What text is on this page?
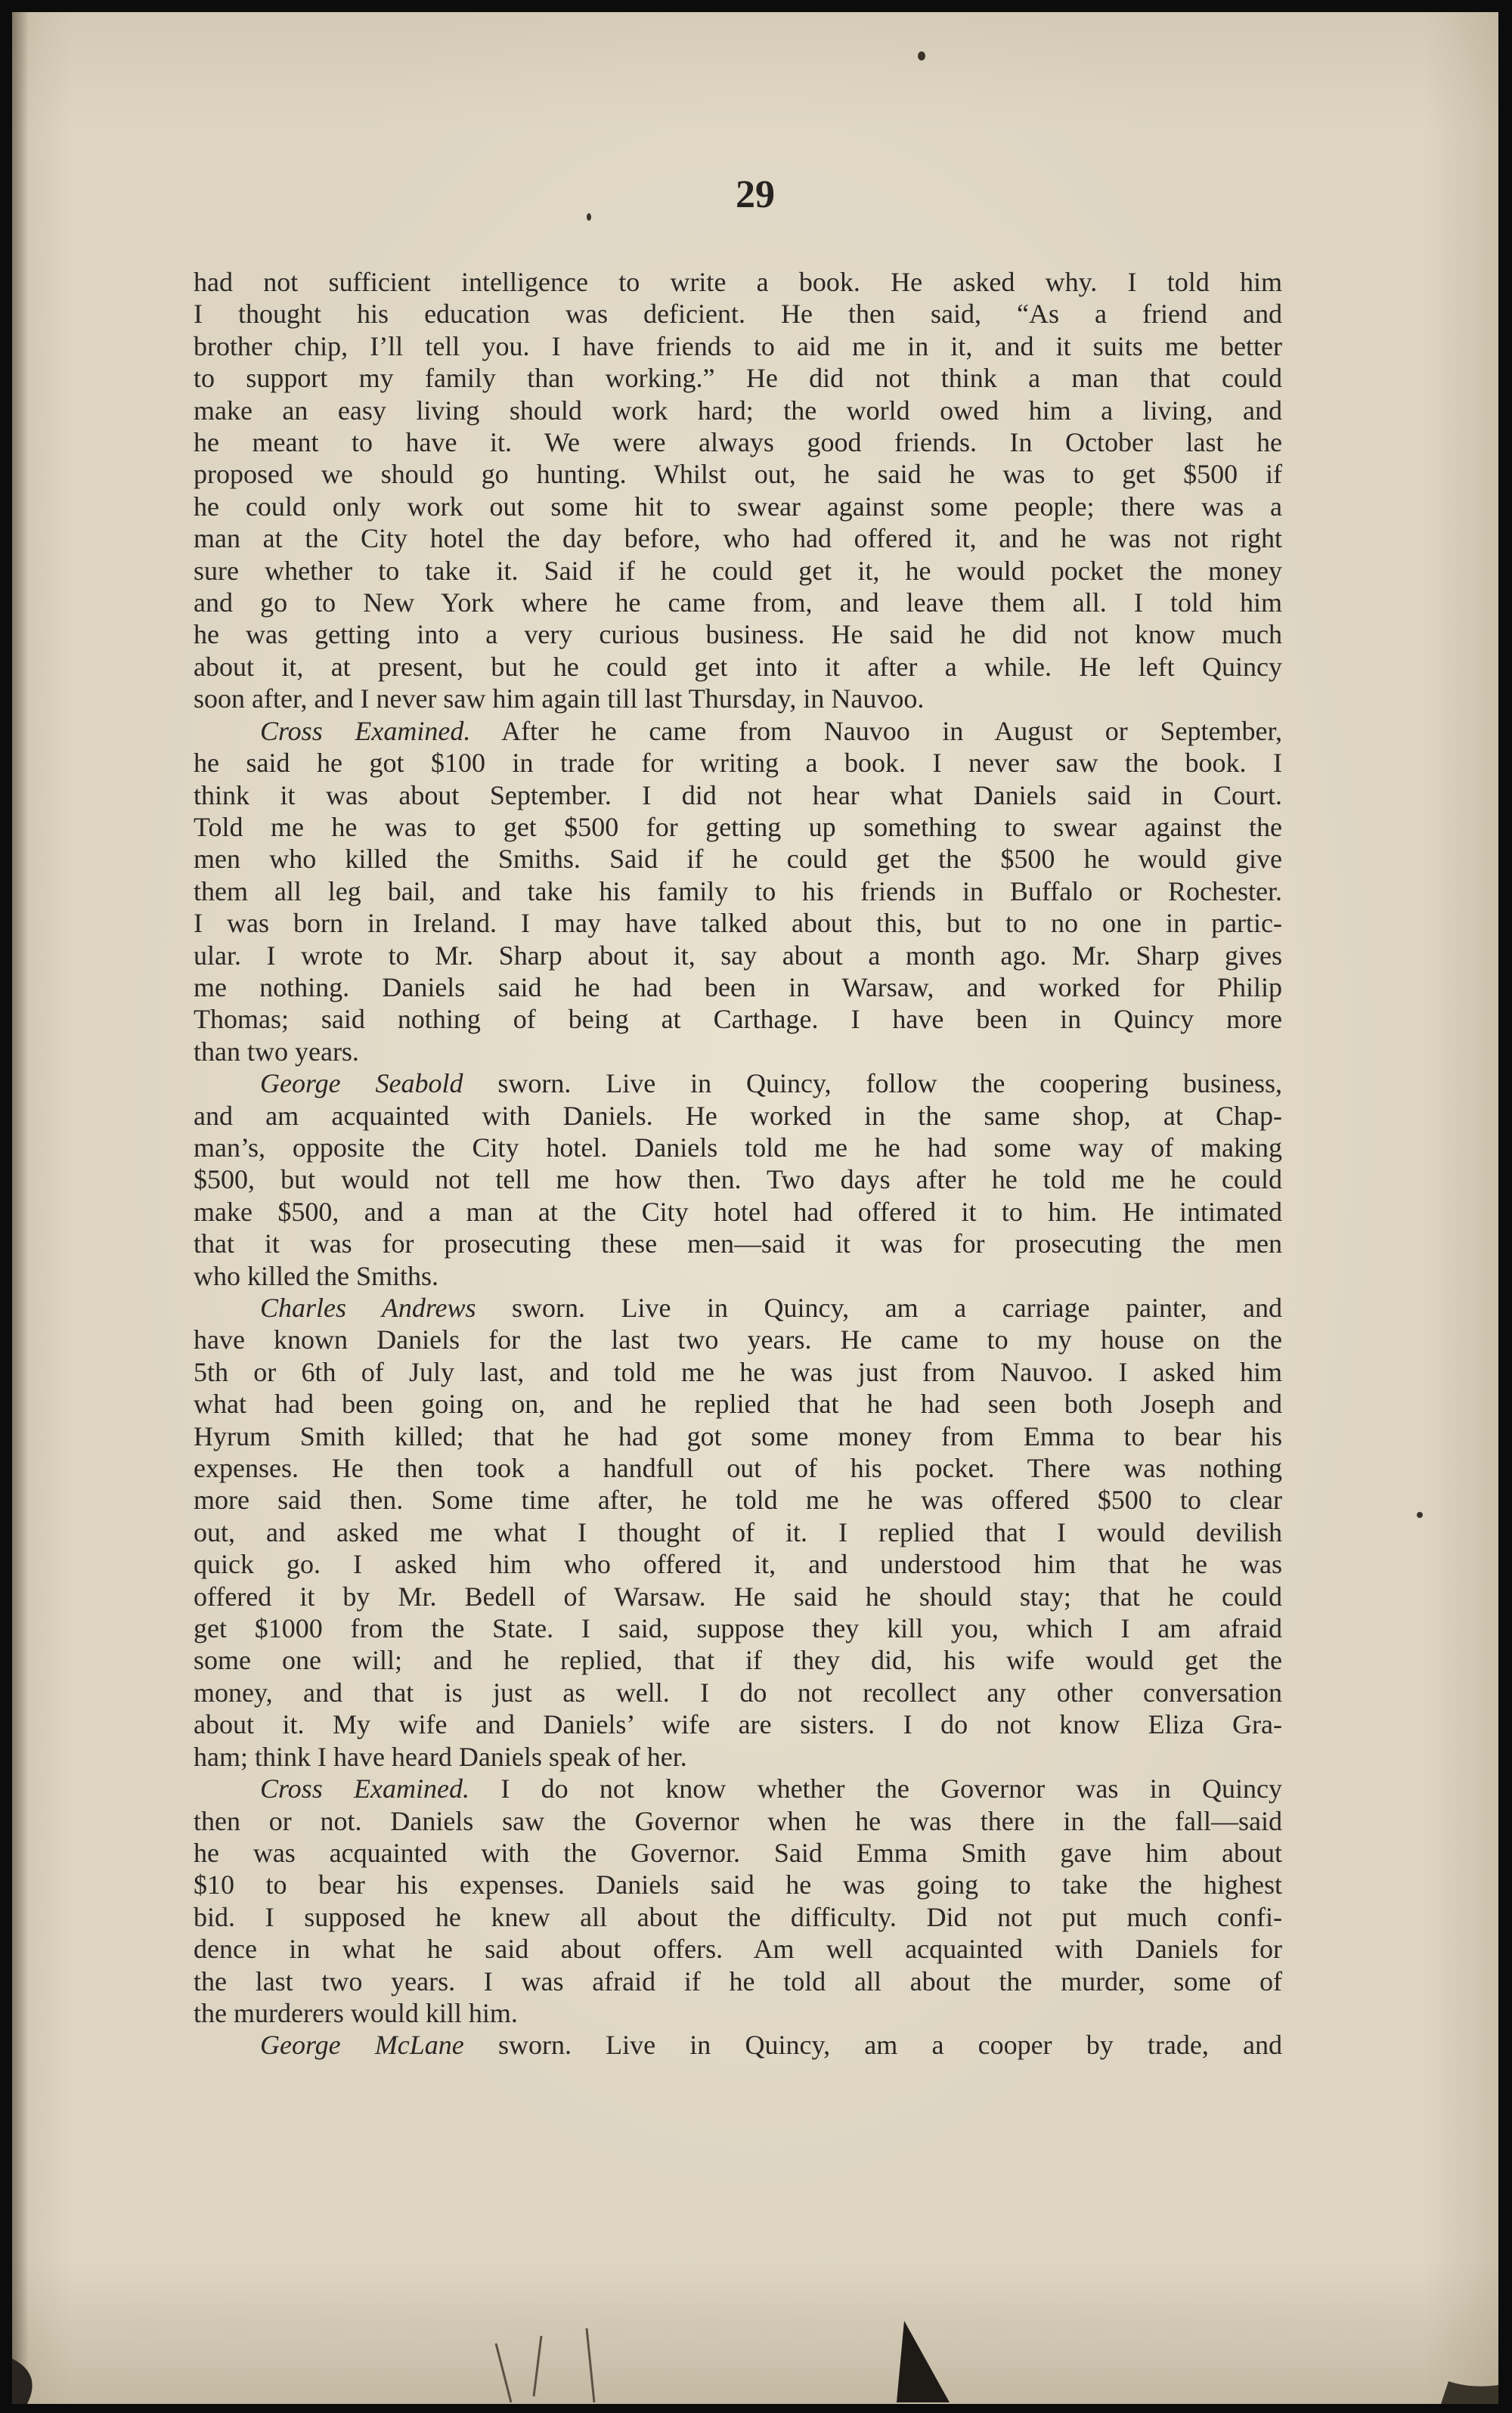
29
had not sufficient intelligence to write a book. He asked why. I told him
I thought his education was deficient. He then said, “As a friend and
brother chip, I’ll tell you. I have friends to aid me in it, and it suits me better
to support my family than working.” He did not think a man that could
make an easy living should work hard; the world owed him a living, and
he meant to have it. We were always good friends. In October last he
proposed we should go hunting. Whilst out, he said he was to get $500 if
he could only work out some hit to swear against some people; there was a
man at the City hotel the day before, who had offered it, and he was not right
sure whether to take it. Said if he could get it, he would pocket the money
and go to New York where he came from, and leave them all. I told him
he was getting into a very curious business. He said he did not know much
about it, at present, but he could get into it after a while. He left Quincy
soon after, and I never saw him again till last Thursday, in Nauvoo.
Cross Examined. After he came from Nauvoo in August or September,
he said he got $100 in trade for writing a book. I never saw the book. I
think it was about September. I did not hear what Daniels said in Court.
Told me he was to get $500 for getting up something to swear against the
men who killed the Smiths. Said if he could get the $500 he would give
them all leg bail, and take his family to his friends in Buffalo or Rochester.
I was born in Ireland. I may have talked about this, but to no one in partic-
ular. I wrote to Mr. Sharp about it, say about a month ago. Mr. Sharp gives
me nothing. Daniels said he had been in Warsaw, and worked for Philip
Thomas; said nothing of being at Carthage. I have been in Quincy more
than two years.
George Seabold sworn. Live in Quincy, follow the coopering business,
and am acquainted with Daniels. He worked in the same shop, at Chap-
man’s, opposite the City hotel. Daniels told me he had some way of making
$500, but would not tell me how then. Two days after he told me he could
make $500, and a man at the City hotel had offered it to him. He intimated
that it was for prosecuting these men—said it was for prosecuting the men
who killed the Smiths.
Charles Andrews sworn. Live in Quincy, am a carriage painter, and
have known Daniels for the last two years. He came to my house on the
5th or 6th of July last, and told me he was just from Nauvoo. I asked him
what had been going on, and he replied that he had seen both Joseph and
Hyrum Smith killed; that he had got some money from Emma to bear his
expenses. He then took a handfull out of his pocket. There was nothing
more said then. Some time after, he told me he was offered $500 to clear
out, and asked me what I thought of it. I replied that I would devilish
quick go. I asked him who offered it, and understood him that he was
offered it by Mr. Bedell of Warsaw. He said he should stay; that he could
get $1000 from the State. I said, suppose they kill you, which I am afraid
some one will; and he replied, that if they did, his wife would get the
money, and that is just as well. I do not recollect any other conversation
about it. My wife and Daniels’ wife are sisters. I do not know Eliza Gra-
ham; think I have heard Daniels speak of her.
Cross Examined. I do not know whether the Governor was in Quincy
then or not. Daniels saw the Governor when he was there in the fall—said
he was acquainted with the Governor. Said Emma Smith gave him about
$10 to bear his expenses. Daniels said he was going to take the highest
bid. I supposed he knew all about the difficulty. Did not put much confi-
dence in what he said about offers. Am well acquainted with Daniels for
the last two years. I was afraid if he told all about the murder, some of
the murderers would kill him.
George McLane sworn. Live in Quincy, am a cooper by trade, and
